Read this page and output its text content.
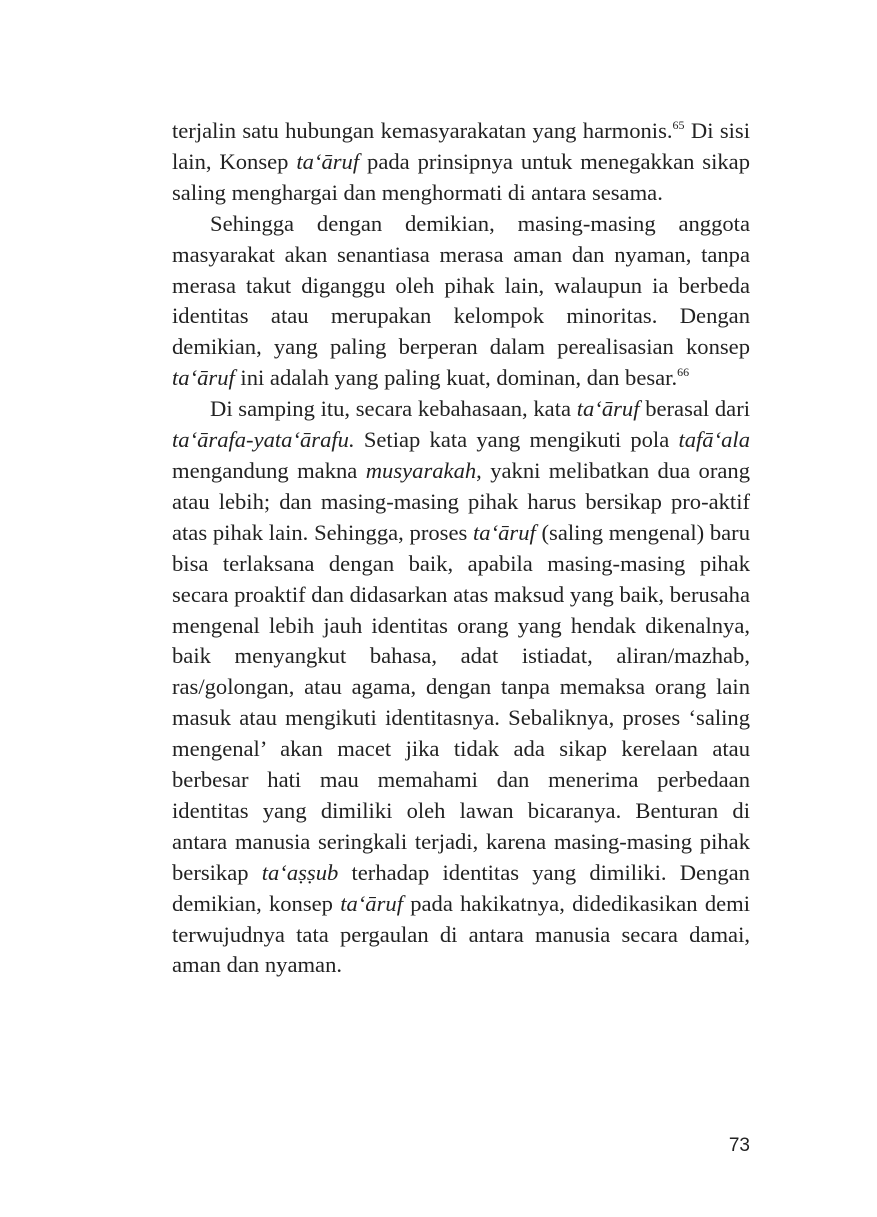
terjalin satu hubungan kemasyarakatan yang harmonis.$^{65}$ Di sisi lain, Konsep ta‘āruf pada prinsipnya untuk menegakkan sikap saling menghargai dan menghormati di antara sesama.

Sehingga dengan demikian, masing-masing anggota masyarakat akan senantiasa merasa aman dan nyaman, tanpa merasa takut diganggu oleh pihak lain, walaupun ia berbeda identitas atau merupakan kelompok minoritas. Dengan demikian, yang paling berperan dalam perealisasian konsep ta‘āruf ini adalah yang paling kuat, dominan, dan besar.$^{66}$

Di samping itu, secara kebahasaan, kata ta‘āruf berasal dari ta‘ārafa-yata‘ārafu. Setiap kata yang mengikuti pola tafā‘ala mengandung makna musyarakah, yakni melibatkan dua orang atau lebih; dan masing-masing pihak harus bersikap pro-aktif atas pihak lain. Sehingga, proses ta‘āruf (saling mengenal) baru bisa terlaksana dengan baik, apabila masing-masing pihak secara proaktif dan didasarkan atas maksud yang baik, berusaha mengenal lebih jauh identitas orang yang hendak dikenalnya, baik menyangkut bahasa, adat istiadat, aliran/mazhab, ras/golongan, atau agama, dengan tanpa memaksa orang lain masuk atau mengikuti identitasnya. Sebaliknya, proses ‘saling mengenal’ akan macet jika tidak ada sikap kerelaan atau berbesar hati mau memahami dan menerima perbedaan identitas yang dimiliki oleh lawan bicaranya. Benturan di antara manusia seringkali terjadi, karena masing-masing pihak bersikap ta‘aṣṣub terhadap identitas yang dimiliki. Dengan demikian, konsep ta‘āruf pada hakikatnya, didedikasikan demi terwujudnya tata pergaulan di antara manusia secara damai, aman dan nyaman.

73
